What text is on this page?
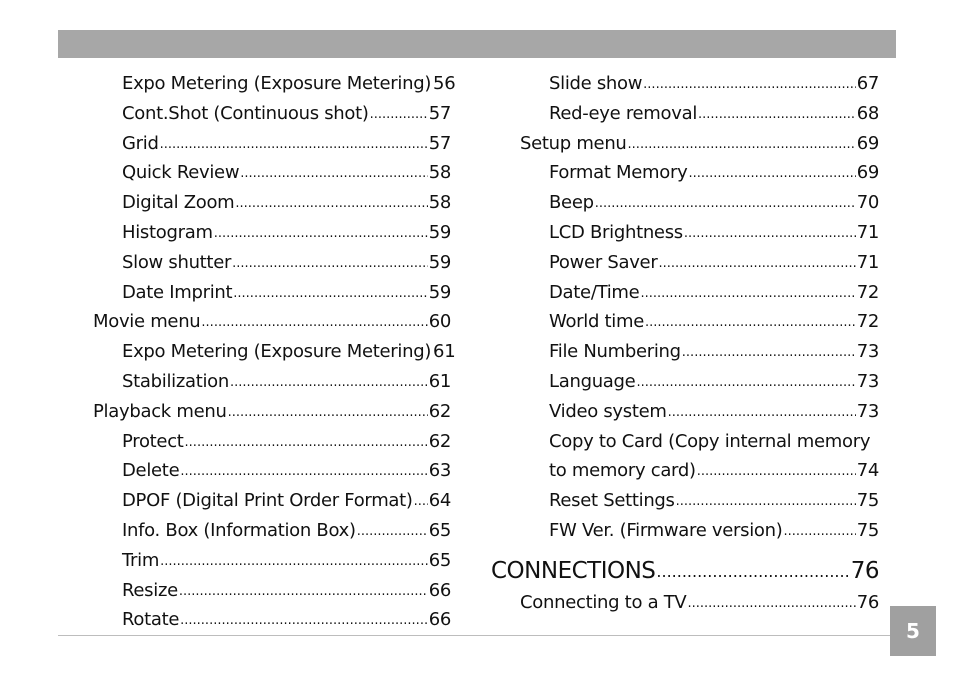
Expo Metering (Exposure Metering) 56
Cont.Shot (Continuous shot) .....	57
Grid .....	57
Quick Review .....	58
Digital Zoom .....	58
Histogram .....	59
Slow shutter .....	59
Date Imprint .....	59
Movie menu .....	60
Expo Metering (Exposure Metering) 61
Stabilization .....	61
Playback menu .....	62
Protect .....	62
Delete .....	63
DPOF (Digital Print Order Format) ..... 64
Info. Box (Information Box) .....	65
Trim .....	65
Resize .....	66
Rotate .....	66
Slide show .....	67
Red-eye removal .....	68
Setup menu .....	69
Format Memory .....	69
Beep .....	70
LCD Brightness .....	71
Power Saver .....	71
Date/Time .....	72
World time .....	72
File Numbering .....	73
Language .....	73
Video system .....	73
Copy to Card (Copy internal memory
to memory card) .....	74
Reset Settings .....	75
FW Ver. (Firmware version) .....	75
CONNECTIONS .....	76
Connecting to a TV .....	76
5
